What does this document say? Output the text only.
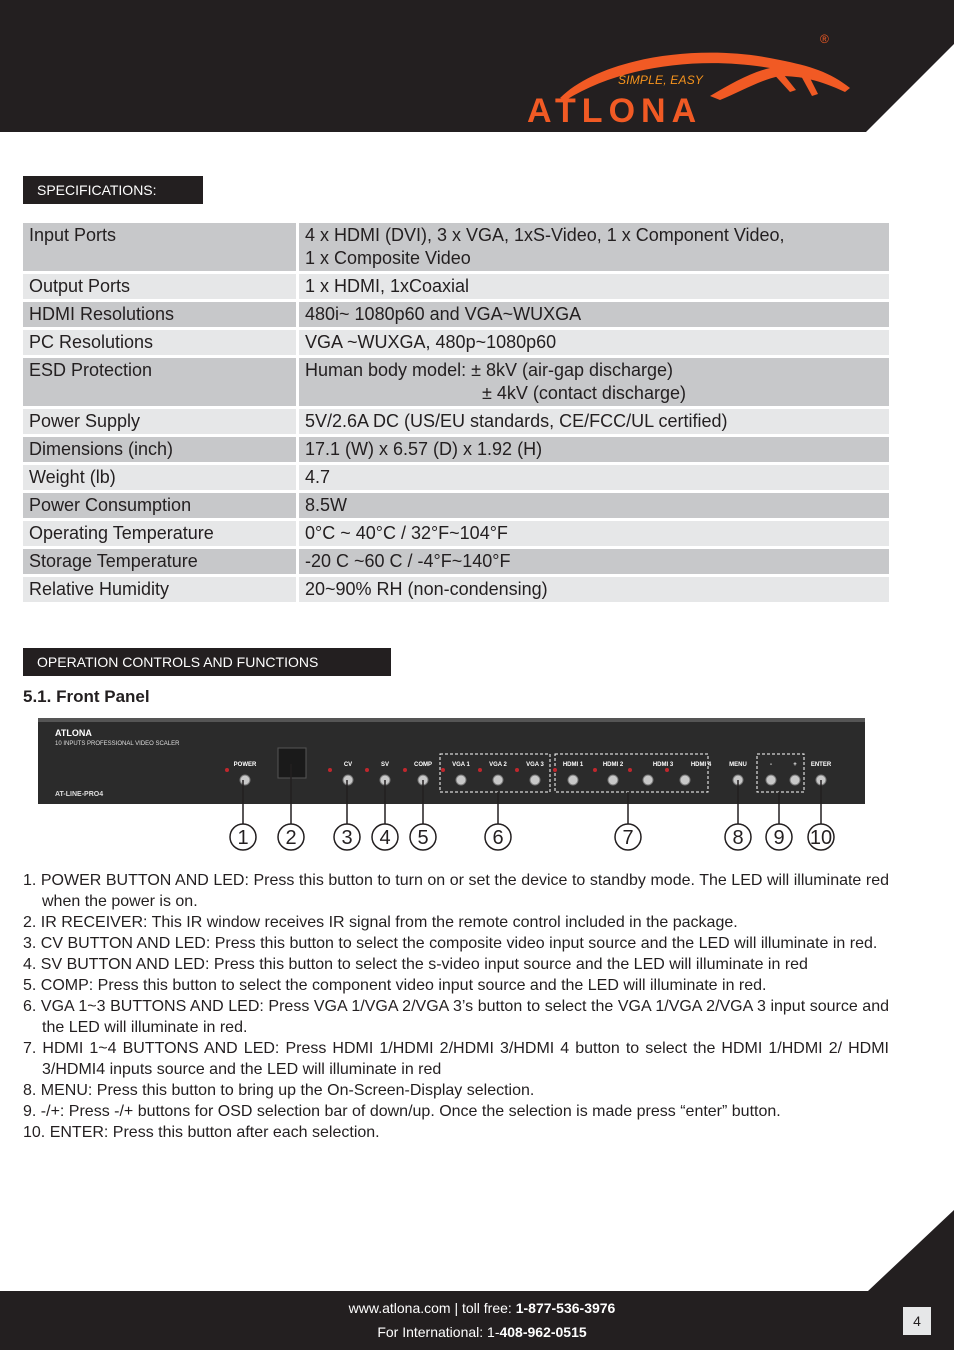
®
SIMPLE, EASY
ATLONA
SPECIFICATIONS:
Input Ports	4 x HDMI (DVI), 3 x VGA, 1xS-Video, 1 x Component Video,
1 x Composite Video
Output Ports	1 x HDMI, 1xCoaxial
HDMI Resolutions	480i~ 1080p60 and VGA~WUXGA
PC Resolutions	VGA ~WUXGA, 480p~1080p60
ESD Protection	Human body model: ± 8kV (air-gap discharge)
± 4kV (contact discharge)
Power Supply	5V/2.6A DC (US/EU standards, CE/FCC/UL certified)
Dimensions (inch)	17.1 (W) x 6.57 (D) x 1.92 (H)
Weight (lb)	4.7
Power Consumption	8.5W
Operating Temperature	0°C ~ 40°C / 32°F~104°F
Storage Temperature	-20 C ~60 C / -4°F~140°F
Relative Humidity	20~90% RH (non-condensing)
OPERATION CONTROLS AND FUNCTIONS
5.1. Front Panel
ATLONA
10 INPUTS PROFESSIONAL VIDEO SCALER
AT-LINE-PRO4
POWER	CV	SV	COMP	VGA 1	VGA 2	VGA 3	HDMI 1	HDMI 2	HDMI 3	HDMI 4	MENU	-	+ ENTER
1 2 3 4 5	6	7	8 9 10
1. POWER BUTTON AND LED: Press this button to turn on or set the device to standby mode. The LED will illuminate red when the power is on.
2. IR RECEIVER: This IR window receives IR signal from the remote control included in the package.
3. CV BUTTON AND LED: Press this button to select the composite video input source and the LED will illuminate in red.
4. SV BUTTON AND LED: Press this button to select the s-video input source and the LED will illuminate in red
5. COMP: Press this button to select the component video input source and the LED will illuminate in red.
6. VGA 1~3 BUTTONS AND LED: Press VGA 1/VGA 2/VGA 3’s button to select the VGA 1/VGA 2/VGA 3 input source and the LED will illuminate in red.
7. HDMI 1~4 BUTTONS AND LED: Press HDMI 1/HDMI 2/HDMI 3/HDMI 4 button to select the HDMI 1/HDMI 2/ HDMI 3/HDMI4 inputs source and the LED will illuminate in red
8. MENU: Press this button to bring up the On-Screen-Display selection.
9. -/+: Press -/+ buttons for OSD selection bar of down/up. Once the selection is made press “enter” button.
10. ENTER: Press this button after each selection.
www.atlona.com | toll free: 1-877-536-3976
For International: 1-408-962-0515
4
